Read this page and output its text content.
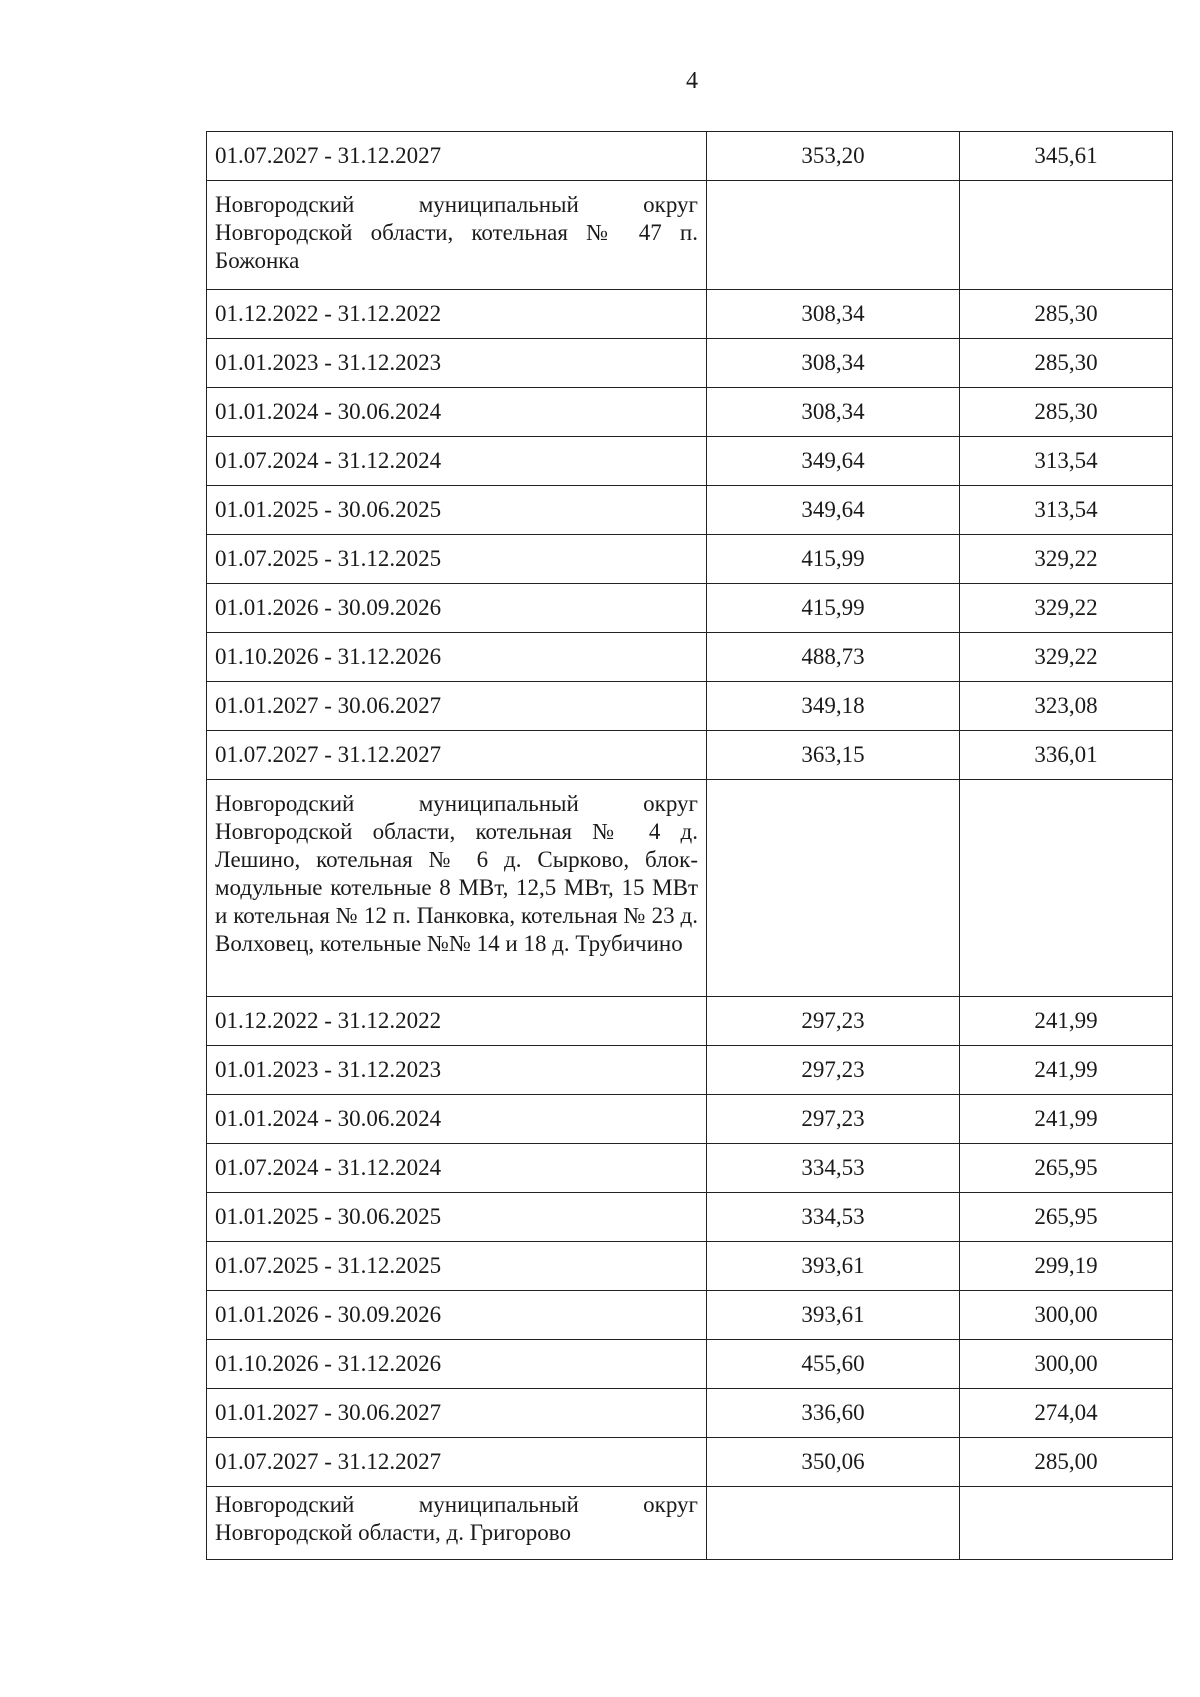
4
01.07.2027 - 31.12.2027	353,20	345,61
Новгородский муниципальный округ Новгородской области, котельная № 47 п. Божонка		
01.12.2022 - 31.12.2022	308,34	285,30
01.01.2023 - 31.12.2023	308,34	285,30
01.01.2024 - 30.06.2024	308,34	285,30
01.07.2024 - 31.12.2024	349,64	313,54
01.01.2025 - 30.06.2025	349,64	313,54
01.07.2025 - 31.12.2025	415,99	329,22
01.01.2026 - 30.09.2026	415,99	329,22
01.10.2026 - 31.12.2026	488,73	329,22
01.01.2027 - 30.06.2027	349,18	323,08
01.07.2027 - 31.12.2027	363,15	336,01
Новгородский муниципальный округ Новгородской области, котельная № 4 д. Лешино, котельная № 6 д. Сырково, блок-модульные котельные 8 МВт, 12,5 МВт, 15 МВт и котельная № 12 п. Панковка, котельная № 23 д. Волховец, котельные №№ 14 и 18 д. Трубичино		
01.12.2022 - 31.12.2022	297,23	241,99
01.01.2023 - 31.12.2023	297,23	241,99
01.01.2024 - 30.06.2024	297,23	241,99
01.07.2024 - 31.12.2024	334,53	265,95
01.01.2025 - 30.06.2025	334,53	265,95
01.07.2025 - 31.12.2025	393,61	299,19
01.01.2026 - 30.09.2026	393,61	300,00
01.10.2026 - 31.12.2026	455,60	300,00
01.01.2027 - 30.06.2027	336,60	274,04
01.07.2027 - 31.12.2027	350,06	285,00
Новгородский муниципальный округ Новгородской области, д. Григорово		
